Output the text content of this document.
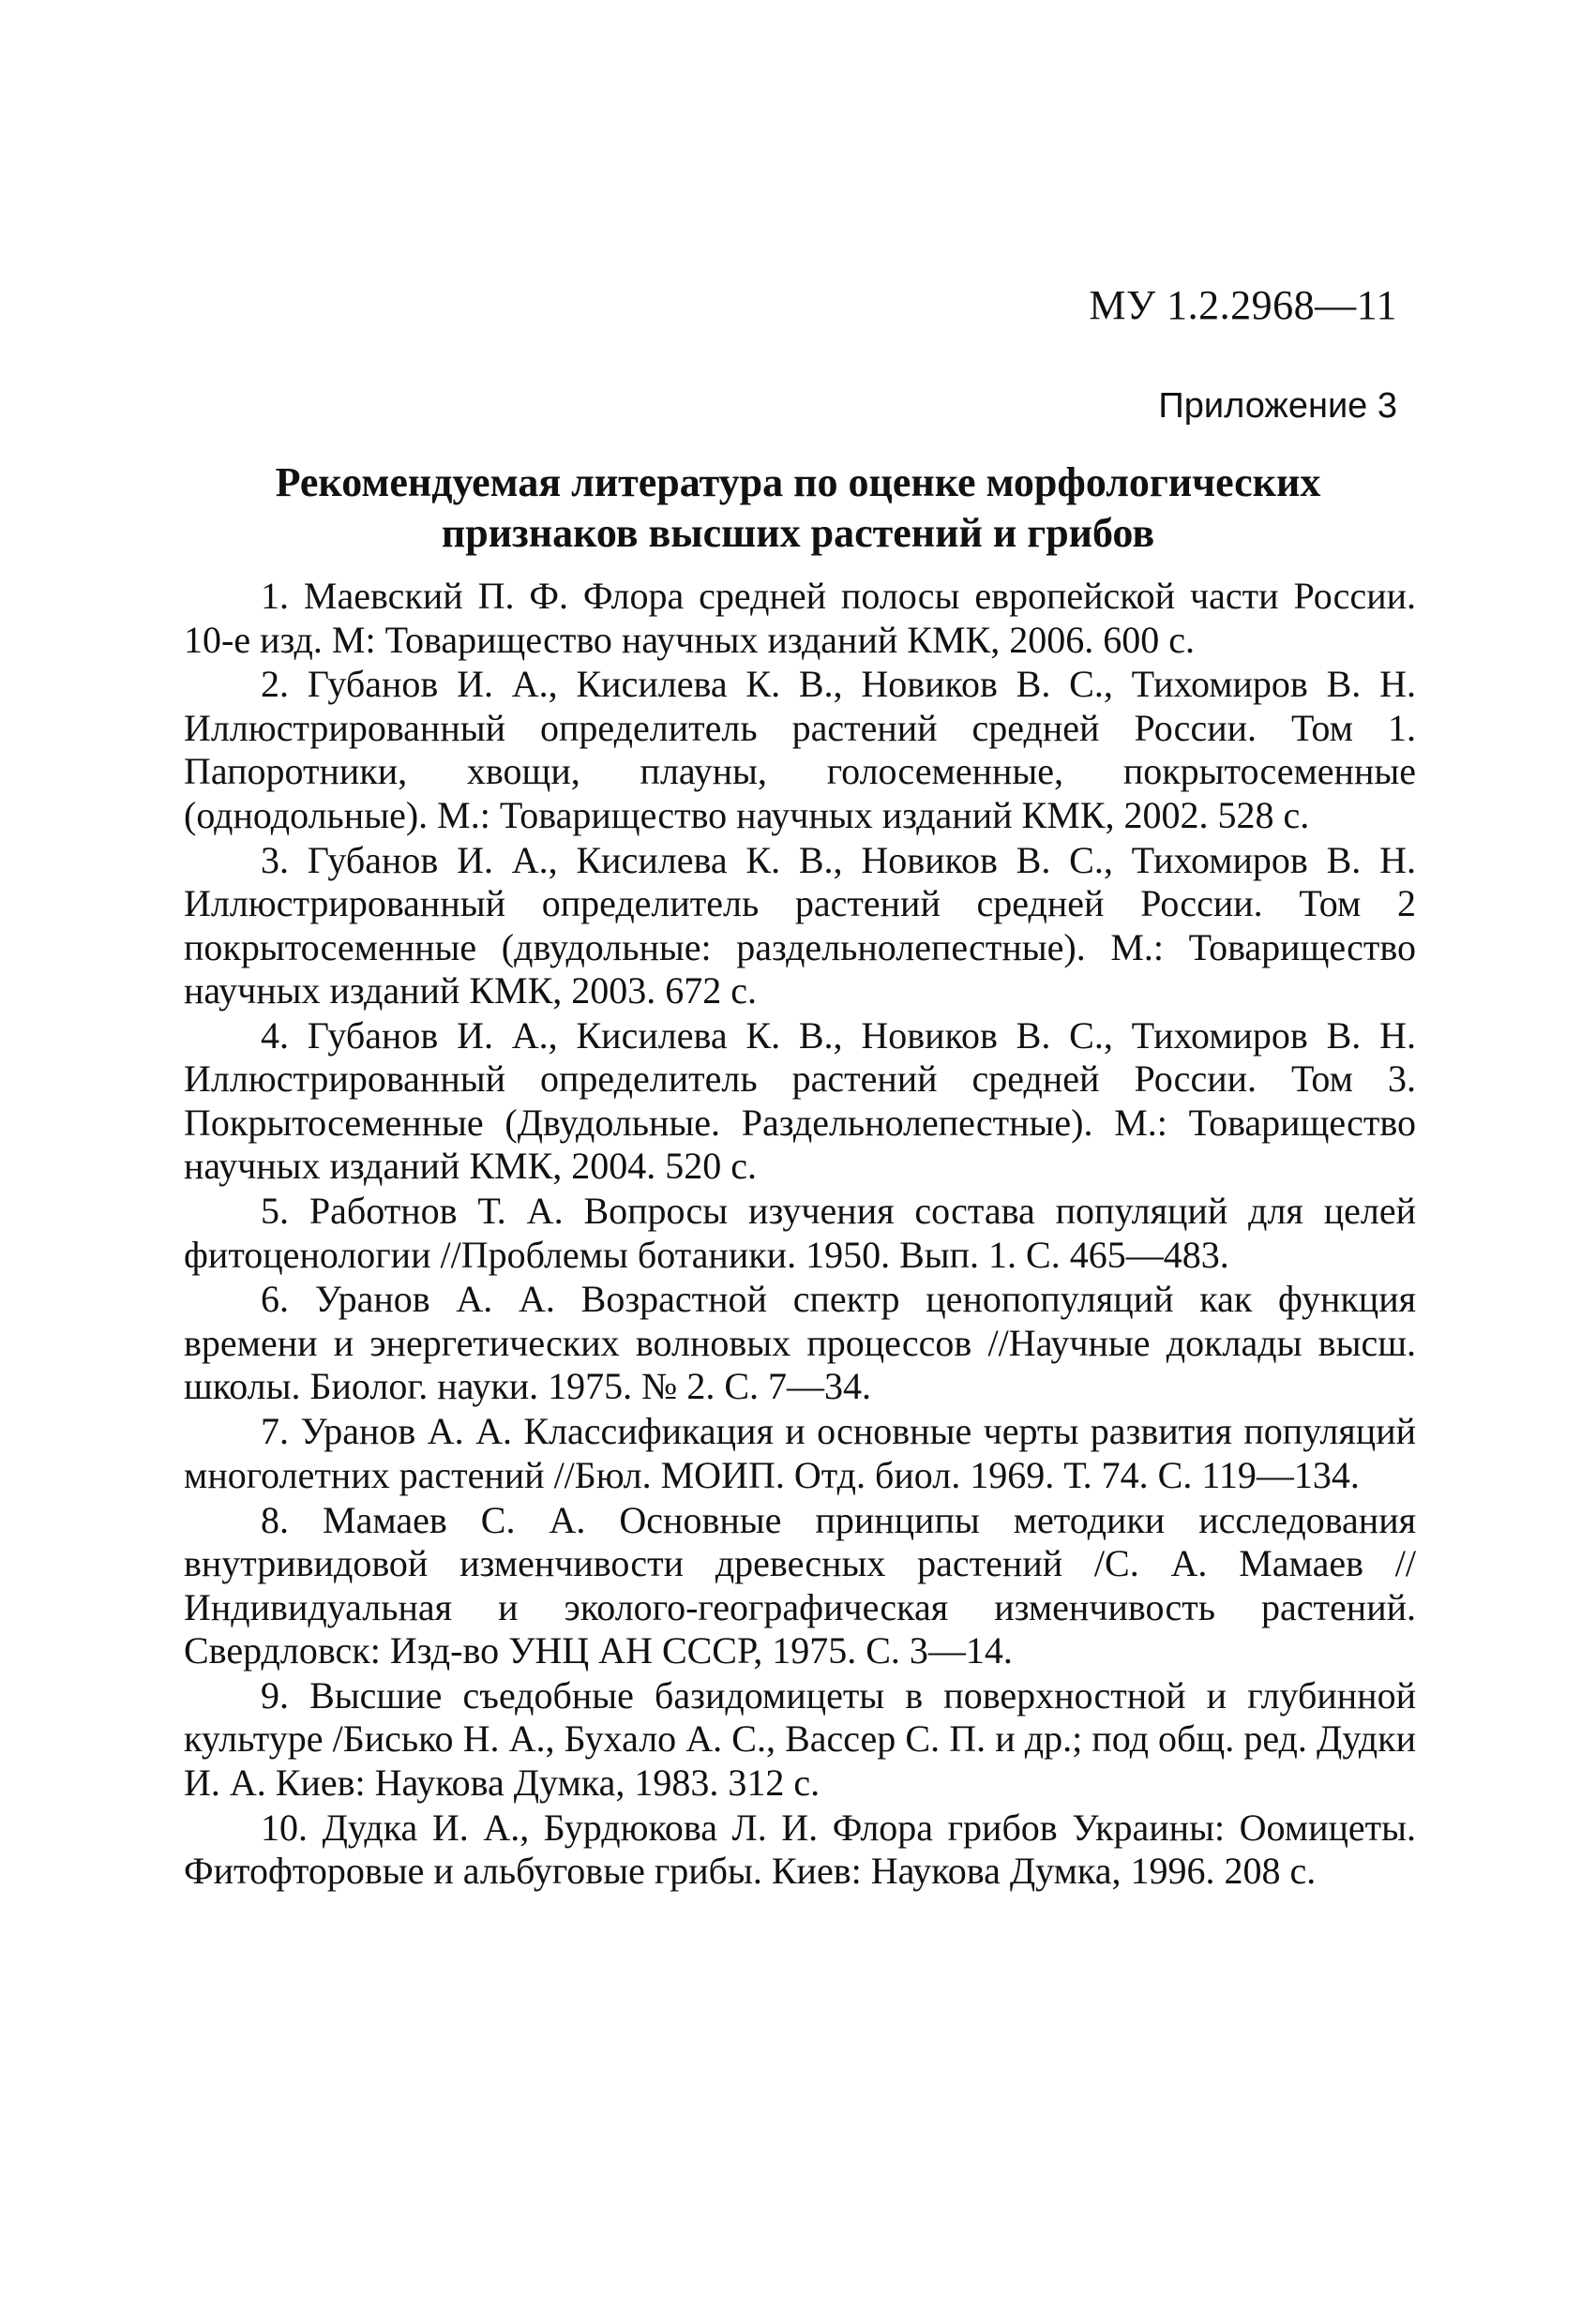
МУ 1.2.2968—11
Приложение 3
Рекомендуемая литература по оценке морфологических
признаков высших растений и грибов
1. Маевский П. Ф. Флора средней полосы европейской части России. 10-е изд. М: Товарищество научных изданий КМК, 2006. 600 с.
2. Губанов И. А., Кисилева К. В., Новиков В. С., Тихомиров В. Н. Иллюстрированный определитель растений средней России. Том 1. Папоротники, хвощи, плауны, голосеменные, покрытосеменные (однодольные). М.: Товарищество научных изданий КМК, 2002. 528 с.
3. Губанов И. А., Кисилева К. В., Новиков В. С., Тихомиров В. Н. Иллюстрированный определитель растений средней России. Том 2 покрытосеменные (двудольные: раздельнолепестные). М.: Товарищество научных изданий КМК, 2003. 672 с.
4. Губанов И. А., Кисилева К. В., Новиков В. С., Тихомиров В. Н. Иллюстрированный определитель растений средней России. Том 3. Покрытосеменные (Двудольные. Раздельнолепестные). М.: Товарищество научных изданий КМК, 2004. 520 с.
5. Работнов Т. А. Вопросы изучения состава популяций для целей фитоценологии //Проблемы ботаники. 1950. Вып. 1. С. 465—483.
6. Уранов А. А. Возрастной спектр ценопопуляций как функция времени и энергетических волновых процессов //Научные доклады высш. школы. Биолог. науки. 1975. № 2. С. 7—34.
7. Уранов А. А. Классификация и основные черты развития популяций многолетних растений //Бюл. МОИП. Отд. биол. 1969. Т. 74. С. 119—134.
8. Мамаев С. А. Основные принципы методики исследования внутривидовой изменчивости древесных растений /С. А. Мамаев //Индивидуальная и эколого-географическая изменчивость растений. Свердловск: Изд-во УНЦ АН СССР, 1975. С. 3—14.
9. Высшие съедобные базидомицеты в поверхностной и глубинной культуре /Бисько Н. А., Бухало А. С., Вассер С. П. и др.; под общ. ред. Дудки И. А. Киев: Наукова Думка, 1983. 312 с.
10. Дудка И. А., Бурдюкова Л. И. Флора грибов Украины: Оомицеты. Фитофторовые и альбуговые грибы. Киев: Наукова Думка, 1996. 208 с.
